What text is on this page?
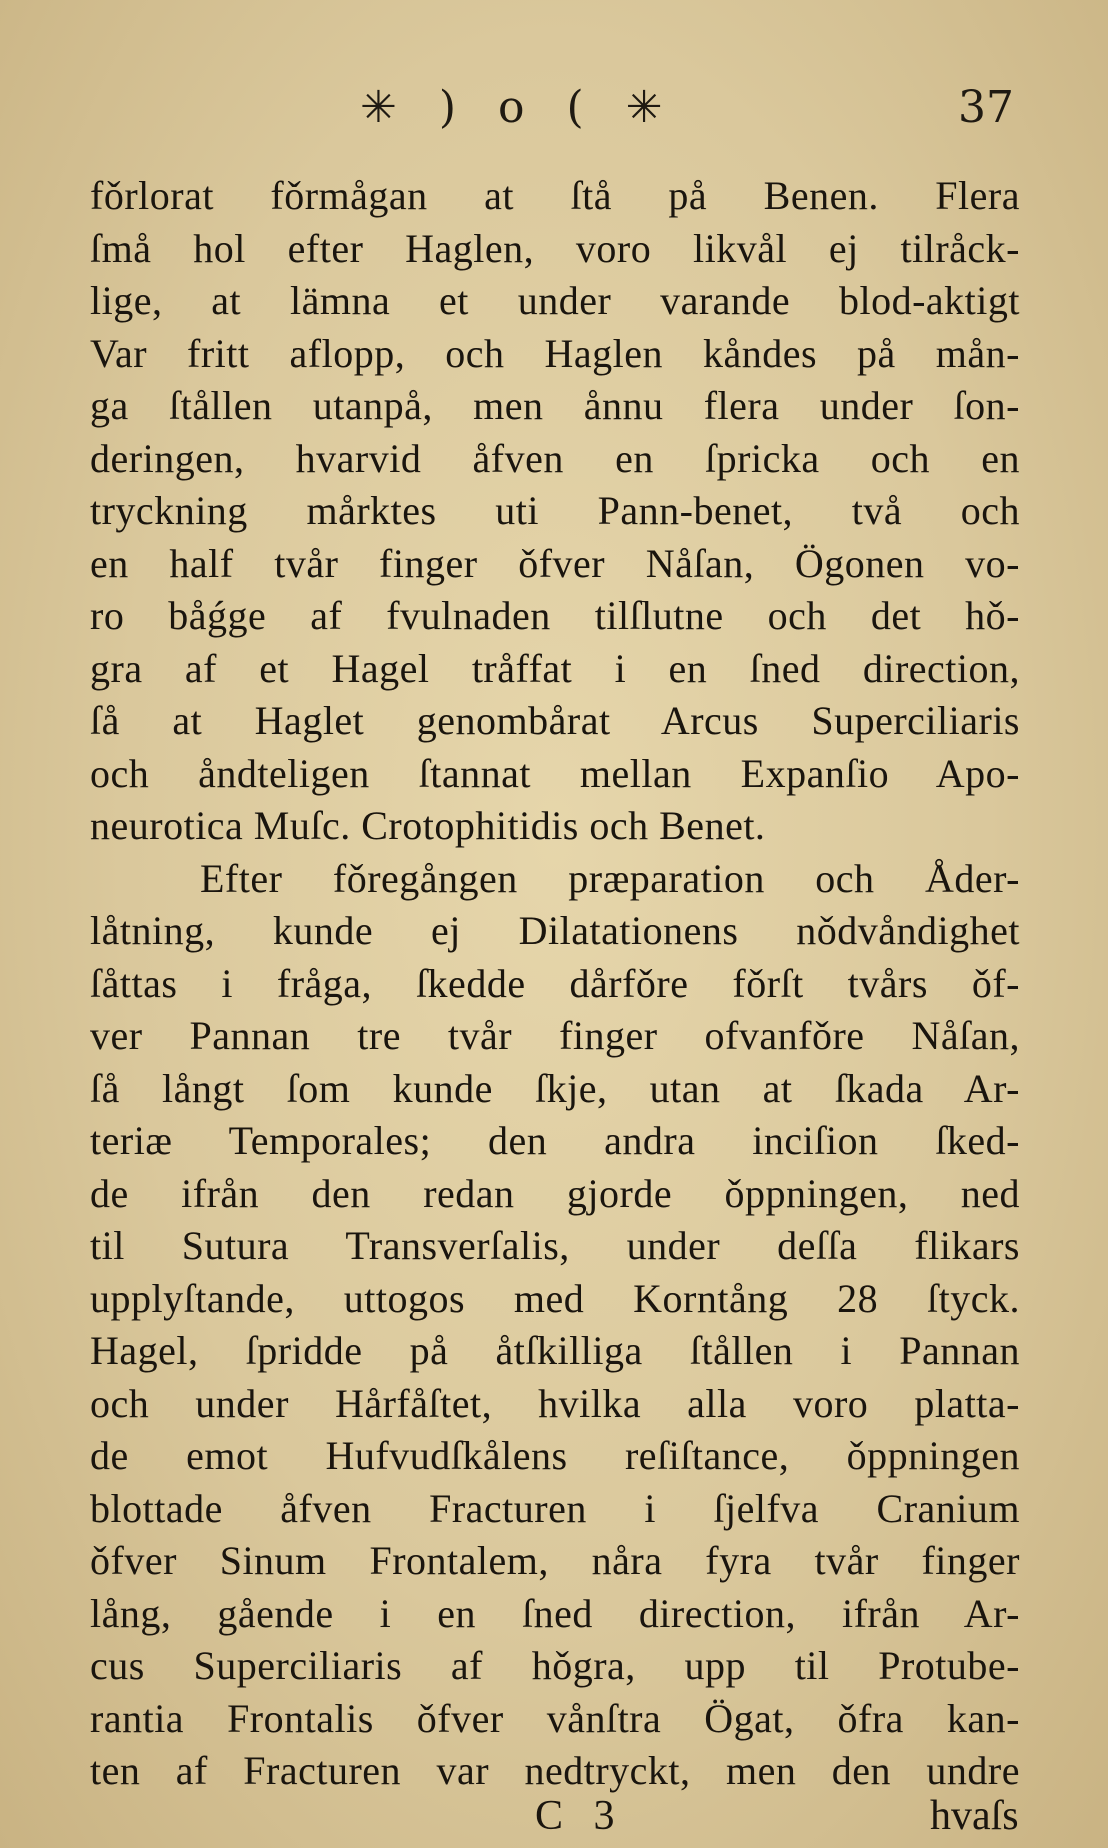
✳ ) o ( ✳	37
fǒrlorat fǒrmågan at ſtå på Benen. Flera
ſmå hol efter Haglen, voro likvål ej tilråck-
lige, at lämna et under varande blod-aktigt
Var fritt aflopp, och Haglen kåndes på mån-
ga ſtållen utanpå, men ånnu flera under ſon-
deringen, hvarvid åfven en ſpricka och en
tryckning mårktes uti Pann-benet, två och
en half tvår finger ǒfver Nåſan, Ögonen vo-
ro båǵge af fvulnaden tilſlutne och det hǒ-
gra af et Hagel tråffat i en ſned direction,
ſå at Haglet genombårat Arcus Superciliaris
och åndteligen ſtannat mellan Expanſio Apo-
neurotica Muſc. Crotophitidis och Benet.
Efter fǒregången præparation och Åder-
låtning, kunde ej Dilatationens nǒdvåndighet
ſåttas i fråga, ſkedde dårfǒre fǒrſt tvårs ǒf-
ver Pannan tre tvår finger ofvanfǒre Nåſan,
ſå långt ſom kunde ſkje, utan at ſkada Ar-
teriæ Temporales; den andra inciſion ſked-
de ifrån den redan gjorde ǒppningen, ned
til Sutura Transverſalis, under deſſa flikars
upplyſtande, uttogos med Korntång 28 ſtyck.
Hagel, ſpridde på åtſkilliga ſtållen i Pannan
och under Hårfåſtet, hvilka alla voro platta-
de emot Hufvudſkålens reſiſtance, ǒppningen
blottade åfven Fracturen i ſjelfva Cranium
ǒfver Sinum Frontalem, nåra fyra tvår finger
lång, gående i en ſned direction, ifrån Ar-
cus Superciliaris af hǒgra, upp til Protube-
rantia Frontalis ǒfver vånſtra Ögat, ǒfra kan-
ten af Fracturen var nedtryckt, men den undre
C 3	hvaſs
